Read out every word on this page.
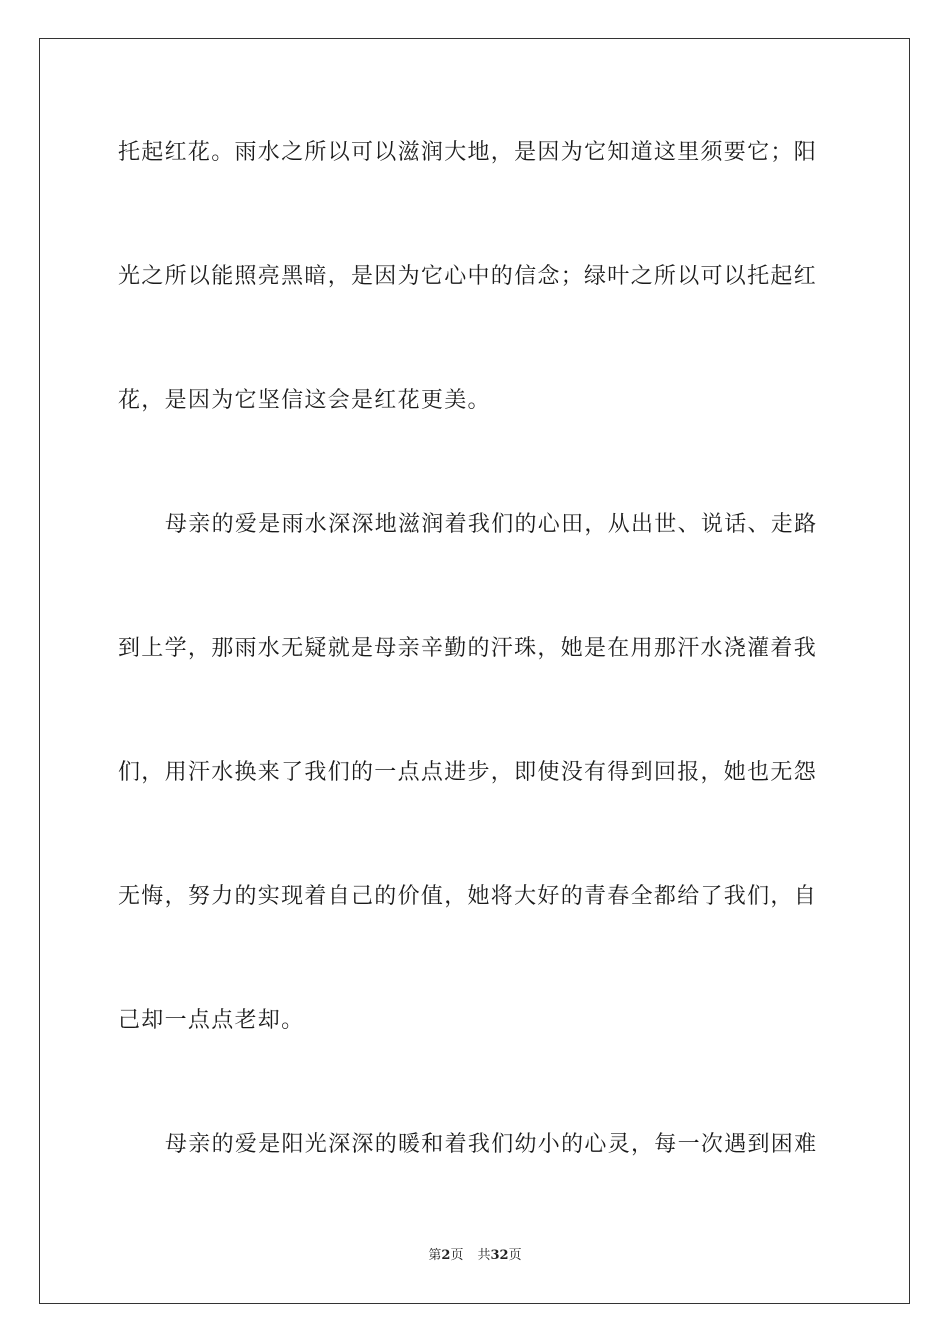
托起红花。雨水之所以可以滋润大地，是因为它知道这里须要它；阳
光之所以能照亮黑暗，是因为它心中的信念；绿叶之所以可以托起红
花，是因为它坚信这会是红花更美。
母亲的爱是雨水深深地滋润着我们的心田，从出世、说话、走路
到上学，那雨水无疑就是母亲辛勤的汗珠，她是在用那汗水浇灌着我
们，用汗水换来了我们的一点点进步，即使没有得到回报，她也无怨
无悔，努力的实现着自己的价值，她将大好的青春全都给了我们，自
己却一点点老却。
母亲的爱是阳光深深的暖和着我们幼小的心灵，每一次遇到困难
第2页 共32页
